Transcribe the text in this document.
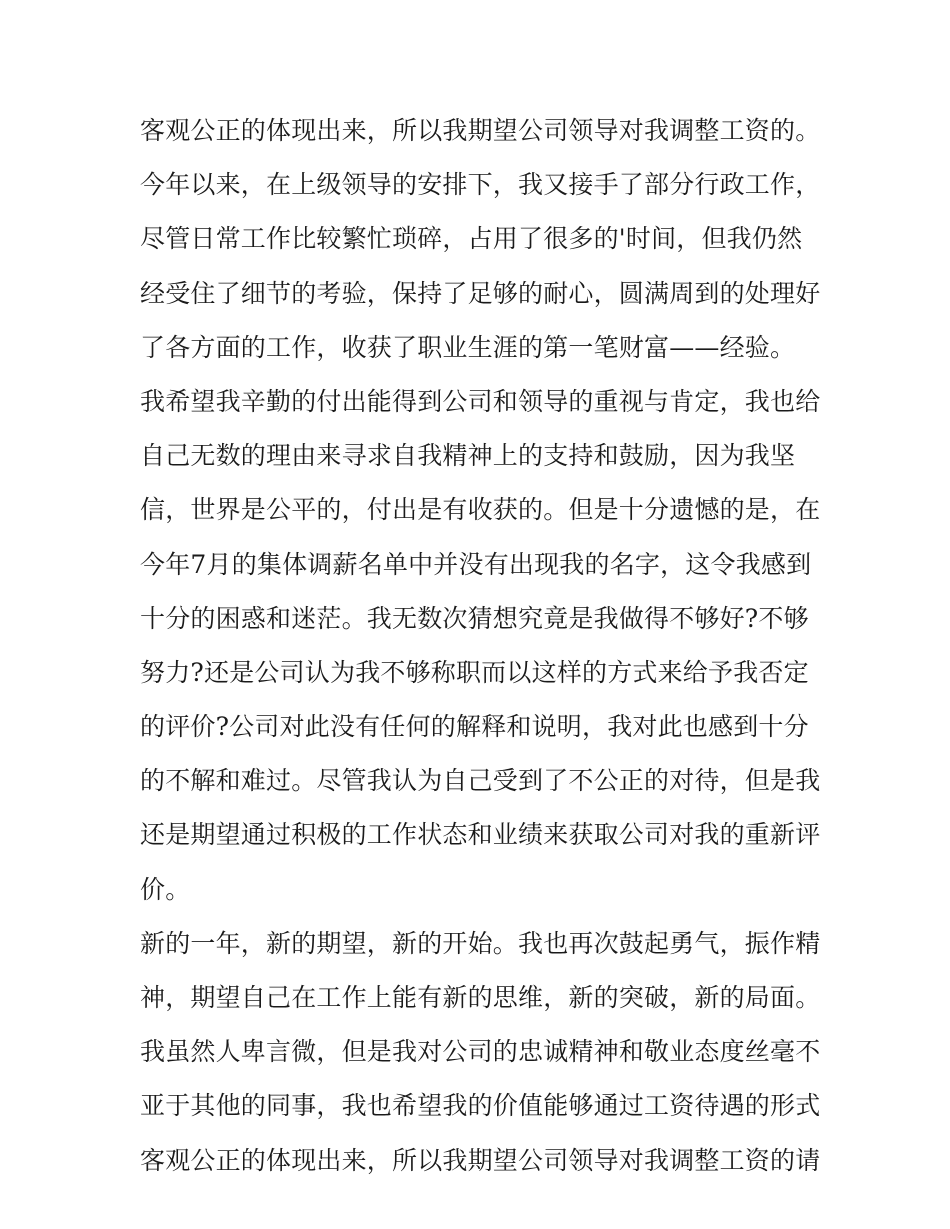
客观公正的体现出来，所以我期望公司领导对我调整工资的。
今年以来，在上级领导的安排下，我又接手了部分行政工作，
尽管日常工作比较繁忙琐碎，占用了很多的'时间，但我仍然
经受住了细节的考验，保持了足够的耐心，圆满周到的处理好
了各方面的工作，收获了职业生涯的第一笔财富——经验。
我希望我辛勤的付出能得到公司和领导的重视与肯定，我也给
自己无数的理由来寻求自我精神上的支持和鼓励，因为我坚
信，世界是公平的，付出是有收获的。但是十分遗憾的是，在
今年7月的集体调薪名单中并没有出现我的名字，这令我感到
十分的困惑和迷茫。我无数次猜想究竟是我做得不够好?不够
努力?还是公司认为我不够称职而以这样的方式来给予我否定
的评价?公司对此没有任何的解释和说明，我对此也感到十分
的不解和难过。尽管我认为自己受到了不公正的对待，但是我
还是期望通过积极的工作状态和业绩来获取公司对我的重新评
价。
新的一年，新的期望，新的开始。我也再次鼓起勇气，振作精
神，期望自己在工作上能有新的思维，新的突破，新的局面。
我虽然人卑言微，但是我对公司的忠诚精神和敬业态度丝毫不
亚于其他的同事，我也希望我的价值能够通过工资待遇的形式
客观公正的体现出来，所以我期望公司领导对我调整工资的请
